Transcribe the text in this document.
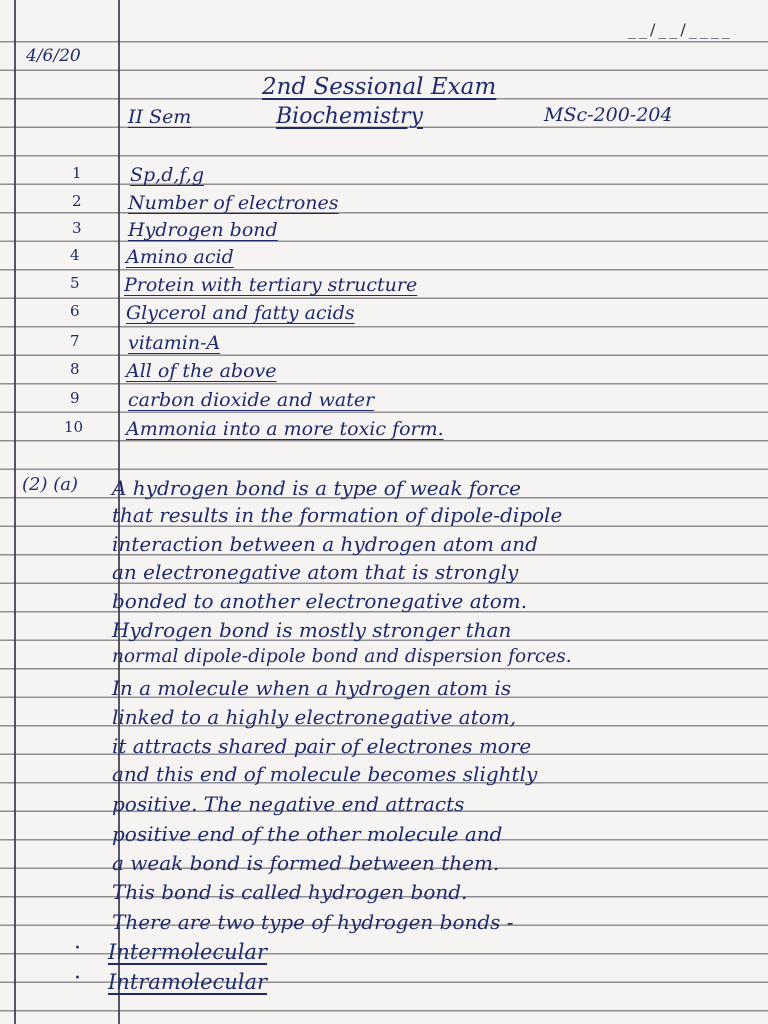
__/__/____
4/6/20
2nd Sessional Exam
II Sem	Biochemistry	MSc-200-204
1	Sp,d,f,g
2 Number of electrones
3 Hydrogen bond
4 Amino acid
5 Protein with tertiary structure
6 Glycerol and fatty acids
7	vitamin-A
8 All of the above
9	carbon dioxide and water
10 Ammonia into a more toxic form.
(2) (a) A hydrogen bond is a type of weak force
that results in the formation of dipole-dipole
interaction between a hydrogen atom and
an electronegative atom that is strongly
bonded to another electronegative atom.
Hydrogen bond is mostly stronger than
normal dipole-dipole bond and dispersion forces.
In a molecule when a hydrogen atom is
linked to a highly electronegative atom,
it attracts shared pair of electrones more
and this end of molecule becomes slightly
positive. The negative end attracts
positive end of the other molecule and
a weak bond is formed between them.
This bond is called hydrogen bond.
There are two type of hydrogen bonds -
· Intermolecular
· Intramolecular
